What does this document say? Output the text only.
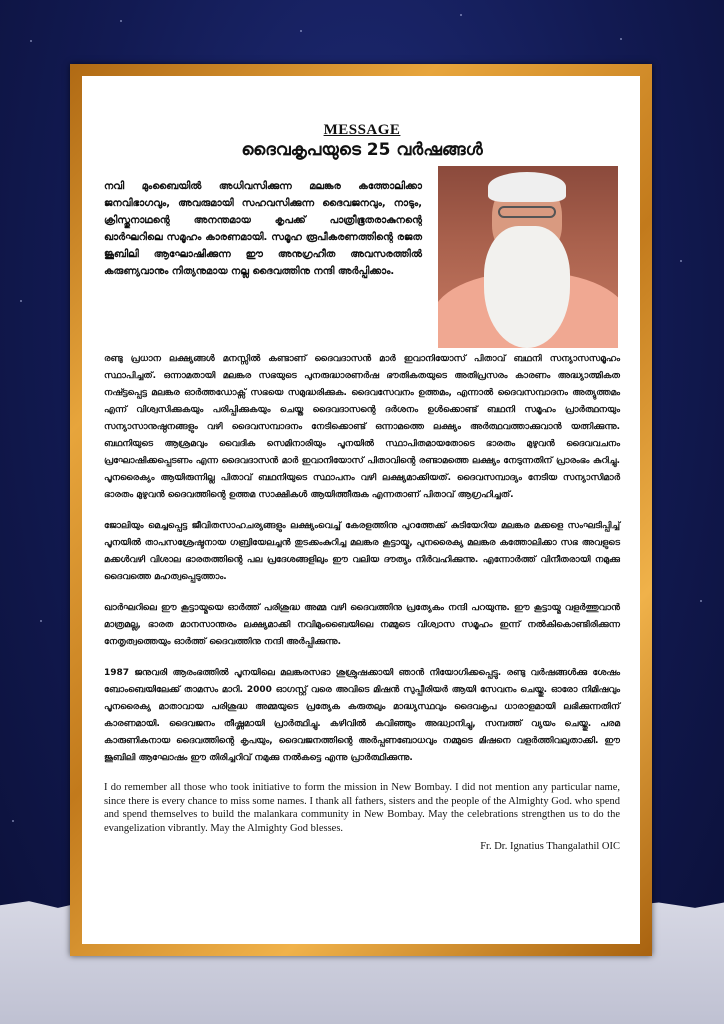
MESSAGE
ദൈവകൃപയുടെ 25 വർഷങ്ങൾ

നവി മുംബൈയിൽ അധിവസിക്കുന്ന മലങ്കര കത്തോലിക്കാ ജനവിഭാഗവും, അവരുമായി സഹവസിക്കുന്ന ദൈവജനവും, നാടും, ക്രിസ്തുനാഥന്റെ അനന്തമായ കൃപക്ക് പാത്രീഭൂതരാകുനന്റെ ഖാർഘറിലെ സമൂഹം കാരണമായി. സമൂഹ രൂപീകരണത്തിന്റെ രജത ജൂബിലി ആഘോഷിക്കുന്ന ഈ അനുഗ്രഹീത അവസരത്തിൽ കരുണ്യവാനും നിത്യനുമായ നല്ല ദൈവത്തിനു നന്ദി അർപ്പിക്കാം.

രണ്ടു പ്രധാന ലക്ഷ്യങ്ങൾ മനസ്സിൽ കണ്ടാണ് ദൈവദാസൻ മാർ ഇവാനിയോസ് പിതാവ് ബഥനി സന്യാസസമൂഹം സ്ഥാപിച്ചത്. ഒന്നാമതായി മലങ്കര സഭയുടെ പുനരുദ്ധാരണർഷ ഭൗതികതയുടെ അതിപ്രസരം കാരണം അദ്ധ്യാത്മികത നഷ്ട്ടപ്പെട്ട മലങ്കര ഓർത്തഡോക്സ് സഭയെ സമുദ്ധരിക്കുക. ദൈവസേവനം ഉത്തമം, എന്നാൽ ദൈവസമ്പാദനം അത്യുത്തമം എന്ന് വിശ്വസിക്കുകയും പരിപ്പിക്കുകയും ചെയ്ത ദൈവദാസന്റെ ദർശനം ഉൾക്കൊണ്ട് ബഥനി സമൂഹം പ്രാർത്ഥനയും സന്യാസാനുഷ്ഠനങ്ങളും വഴി ദൈവസമ്പാദനം നേടിക്കൊണ്ട് ഒന്നാമത്തെ ലക്ഷ്യം അർത്ഥവത്താക്കുവാൻ യത്നിക്കുന്നു. ബഥനിയുടെ ആശ്രമവും വൈദിക സെമിനാരിയും പൂനയിൽ സ്ഥാപിതമായതോടെ ഭാരതം മുഴുവൻ ദൈവവചനം പ്രഘോഷിക്കപ്പെടണം എന്ന ദൈവദാസൻ മാർ ഇവാനിയോസ് പിതാവിന്റെ രണ്ടാമത്തെ ലക്ഷ്യം നേടുന്നതിന് പ്രാരംഭം കുറിച്ചു. പൂനരൈക്യം ആയിരുന്നില്ല പിതാവ് ബഥനിയുടെ സ്ഥാപനം വഴി ലക്ഷ്യമാക്കിയത്. ദൈവസമ്പാദ്യം നേടിയ സന്യാസിമാർ ഭാരതം മുഴുവൻ ദൈവത്തിന്റെ ഉത്തമ സാക്ഷികൾ ആയിത്തീരുക എന്നതാണ് പിതാവ് ആഗ്രഹിച്ചത്.

ജോലിയും മെച്ചപ്പെട്ട ജീവിതസാഹചര്യങ്ങളും ലക്ഷ്യംവെച്ച് കേരളത്തിനു പുറത്തേക്ക് കുടിയേറിയ മലങ്കര മക്കളെ സംഘടിപ്പിച്ച് പൂനയിൽ താപസശ്രേഷ്ടനായ ഗബ്രിയേലച്ചൻ തുടക്കംകുറിച്ച മലങ്കര കൂട്ടായ്മ, പുനരൈക്യ മലങ്കര കത്തോലിക്കാ സഭ അവളുടെ മക്കൾവഴി വിശാല ഭാരതത്തിന്റെ പല പ്രദേശങ്ങളിലും ഈ വലിയ ദൗത്യം നിർവഹിക്കുന്നു. എന്നോർത്ത് വിനീതരായി നമുക്കു ദൈവത്തെ മഹത്വപ്പെടുത്താം.

ഖാർഘറിലെ ഈ കൂട്ടായ്മയെ ഓർത്ത് പരിശുദ്ധ അമ്മ വഴി ദൈവത്തിനു പ്രത്യേകം നന്ദി പറയുന്നു. ഈ കൂട്ടായ്മ വളർത്തുവാൻ മാത്രമല്ല, ഭാരത മാനസാന്തരം ലക്ഷ്യമാക്കി നവിമുംബൈയിലെ നമ്മുടെ വിശ്വാസ സമൂഹം ഇന്ന് നൽകികൊണ്ടിരിക്കുന്ന നേതൃത്വത്തെയും ഓർത്ത് ദൈവത്തിനു നന്ദി അർപ്പിക്കുന്നു.

1987 ജനുവരി ആരംഭത്തിൽ പൂനയിലെ മലങ്കരസഭാ ശുശ്രുഷക്കായി ഞാൻ നിയോഗിക്കപ്പെട്ടു. രണ്ടു വർഷങ്ങൾക്കു ശേഷം ബോംബെയിലേക്ക് താമസം മാറി. 2000 ഓഗസ്റ്റ് വരെ അവിടെ മിഷൻ സുപ്പീരിയർ ആയി സേവനം ചെയ്തു. ഓരോ നിമിഷവും പൂനരൈക്യ മാതാവായ പരിശുദ്ധ അമ്മയുടെ പ്രത്യേക കരുതലും മാദ്ധ്യസ്ഥവും ദൈവകൃപ ധാരാളമായി ലഭിക്കുന്നതിന് കാരണമായി. ദൈവജനം തീഷ്ണമായി പ്രാർത്ഥിച്ചു. കഴിവിൽ കവിഞ്ഞും അദ്ധ്വാനിച്ചു, സമ്പത്ത് വ്യയം ചെയ്തു. പരമ കാരുണികനായ ദൈവത്തിന്റെ കൃപയും, ദൈവജനത്തിന്റെ അർപ്പണബോധവും നമ്മുടെ മിഷനെ വളർത്തിവലുതാക്കി. ഈ ജൂബിലി ആഘോഷം ഈ തിരിച്ചറിവ് നമുക്കു നൽകട്ടെ എന്നു പ്രാർത്ഥിക്കുന്നു.

I do remember all those who took initiative to form the mission in New Bombay. I did not mention any particular name, since there is every chance to miss some names. I thank all fathers, sisters and the people of the Almighty God. who spend and spend themselves to build the malankara community in New Bombay. May the celebrations strengthen us to do the evangelization vibrantly. May the Almighty God blesses.

Fr. Dr. Ignatius Thangalathil OIC
